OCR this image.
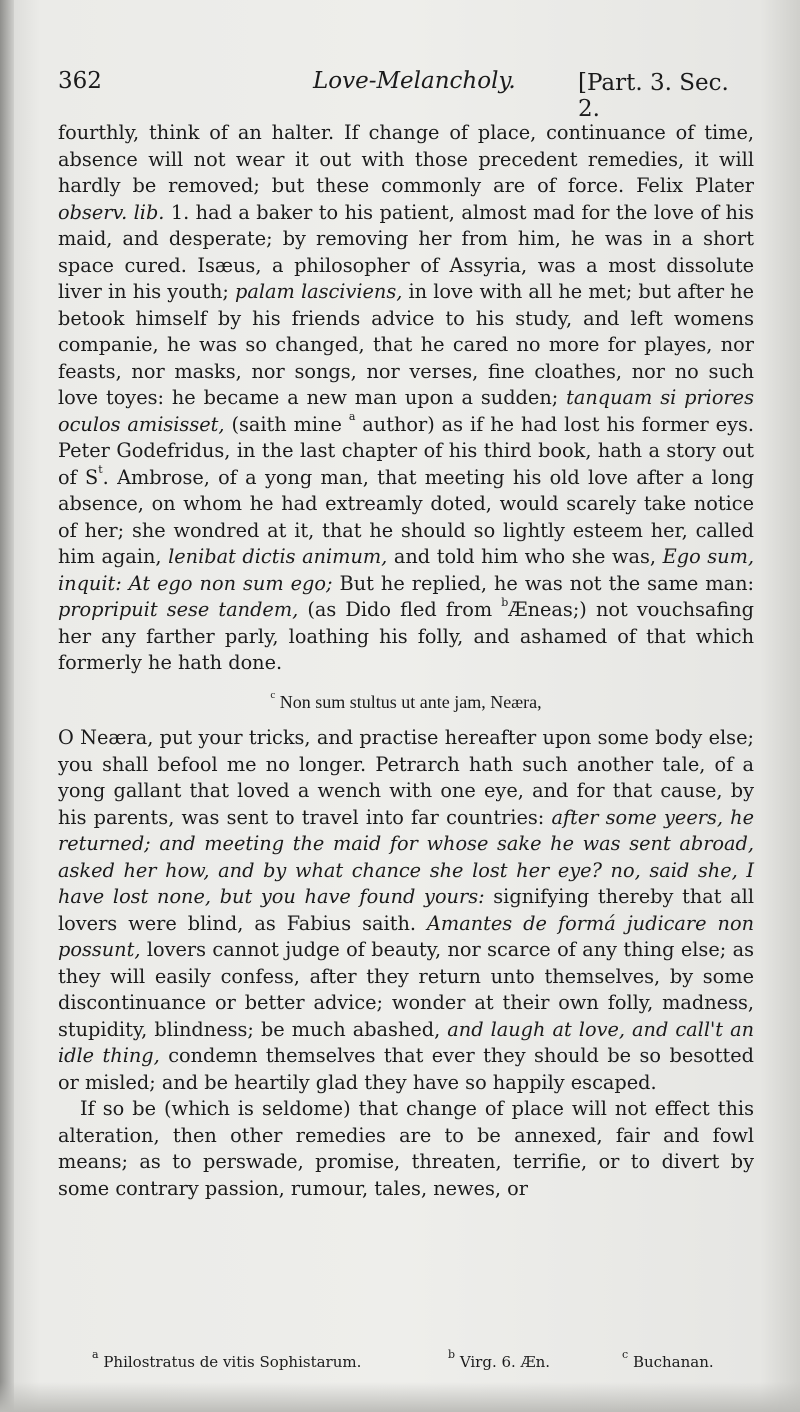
362	Love-Melancholy.	[Part. 3. Sec. 2.

fourthly, think of an halter. If change of place, continuance of time, absence will not wear it out with those precedent remedies, it will hardly be removed; but these commonly are of force. Felix Plater observ. lib. 1. had a baker to his patient, almost mad for the love of his maid, and desperate; by removing her from him, he was in a short space cured. Isæus, a philosopher of Assyria, was a most dissolute liver in his youth; palam lasciviens, in love with all he met; but after he betook himself by his friends advice to his study, and left womens companie, he was so changed, that he cared no more for playes, nor feasts, nor masks, nor songs, nor verses, fine cloathes, nor no such love toyes: he became a new man upon a sudden; tanquam si priores oculos amisisset, (saith mine $^a$ author) as if he had lost his former eys. Peter Godefridus, in the last chapter of his third book, hath a story out of $S^t$. Ambrose, of a yong man, that meeting his old love after a long absence, on whom he had extreamly doted, would scarely take notice of her; she wondred at it, that he should so lightly esteem her, called him again, lenibat dictis animum, and told him who she was, Ego sum, inquit: At ego non sum ego; But he replied, he was not the same man: propripuit sese tandem, (as Dido fled from $^b$Æneas;) not vouchsafing her any farther parly, loathing his folly, and ashamed of that which formerly he hath done.

$^c$ Non sum stultus ut ante jam, Neæra,

O Neæra, put your tricks, and practise hereafter upon some body else; you shall befool me no longer. Petrarch hath such another tale, of a yong gallant that loved a wench with one eye, and for that cause, by his parents, was sent to travel into far countries: after some yeers, he returned; and meeting the maid for whose sake he was sent abroad, asked her how, and by what chance she lost her eye? no, said she, I have lost none, but you have found yours: signifying thereby that all lovers were blind, as Fabius saith. Amantes de formá judicare non possunt, lovers cannot judge of beauty, nor scarce of any thing else; as they will easily confess, after they return unto themselves, by some discontinuance or better advice; wonder at their own folly, madness, stupidity, blindness; be much abashed, and laugh at love, and call't an idle thing, condemn themselves that ever they should be so besotted or misled; and be heartily glad they have so happily escaped.

If so be (which is seldome) that change of place will not effect this alteration, then other remedies are to be annexed, fair and fowl means; as to perswade, promise, threaten, terrifie, or to divert by some contrary passion, rumour, tales, newes, or

$^a$ Philostratus de vitis Sophistarum.	$^b$ Virg. 6. Æn.	$^c$ Buchanan.
